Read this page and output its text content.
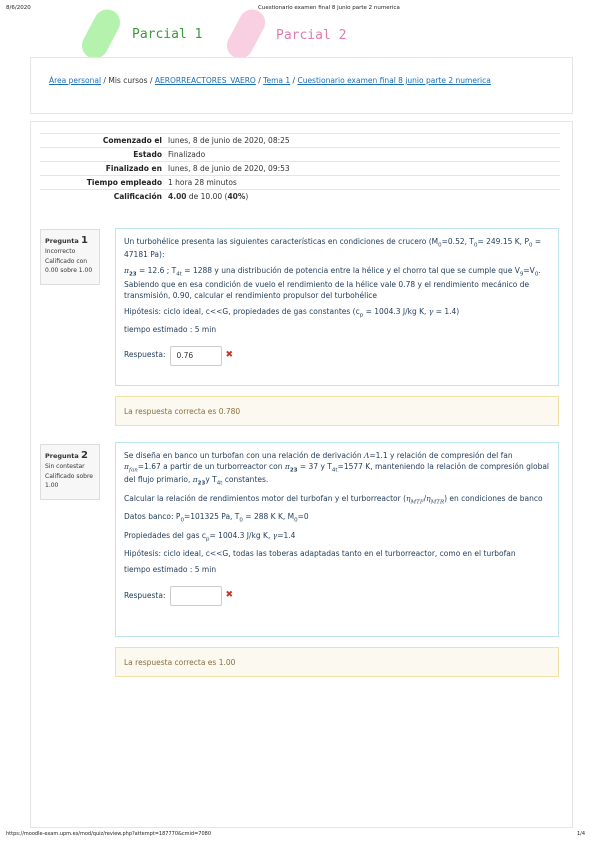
8/6/2020	Cuestionario examen final 8 junio parte 2 numerica
Parcial 1	Parcial 2
Área personal / Mis cursos / AERORREACTORES_VAERO / Tema 1 / Cuestionario examen final 8 junio parte 2 numerica
Comenzado el	lunes, 8 de junio de 2020, 08:25
Estado	Finalizado
Finalizado en	lunes, 8 de junio de 2020, 09:53
Tiempo empleado	1 hora 28 minutos
Calificación	4.00 de 10.00 (40%)
Pregunta 1
Incorrecto
Calificado con 0.00 sobre 1.00

Un turbohélice presenta las siguientes características en condiciones de crucero ($M_0=0.52$, $T_0= 249.15$ K, $P_0 = 47181$ Pa):

$\pi_{23} = 12.6$ ; $T_{4t} = 1288$ y una distribución de potencia entre la hélice y el chorro tal que se cumple que $V_9=V_0$. Sabiendo que en esa condición de vuelo el rendimiento de la hélice vale 0.78 y el rendimiento mecánico de transmisión, 0.90, calcular el rendimiento propulsor del turbohélice

Hipótesis: ciclo ideal, c<<G, propiedades de gas constantes ($c_p = 1004.3$ J/kg K, γ = 1.4)

tiempo estimado : 5 min

Respuesta:	0.76	✖
La respuesta correcta es 0.780
Pregunta 2
Sin contestar
Calificado sobre 1.00

Se diseña en banco un turbofan con una relación de derivación Λ=1.1 y relación de compresión del fan $\pi_{fan}=1.67$ a partir de un turborreactor con $\pi_{23} = 37$ y $T_{4t}=1577$ K, manteniendo la relación de compresión global del flujo primario, $\pi_{23}y$ $T_{4t}$ constantes.

Calcular la relación de rendimientos motor del turbofan y el turborreactor $(\eta_{MTF}/\eta_{MTR})$ en condiciones de banco

Datos banco: $P_0=101325$ Pa, $T_0 = 288$ K K, $M_0=0$

Propiedades del gas $c_p= 1004.3$ J/kg K, γ=1.4

Hipótesis: ciclo ideal, c<<G, todas las toberas adaptadas tanto en el turborreactor, como en el turbofan

tiempo estimado : 5 min

Respuesta:	✖
La respuesta correcta es 1.00
https://moodle-exam.upm.es/mod/quiz/review.php?attempt=187770&cmid=7080	1/4
